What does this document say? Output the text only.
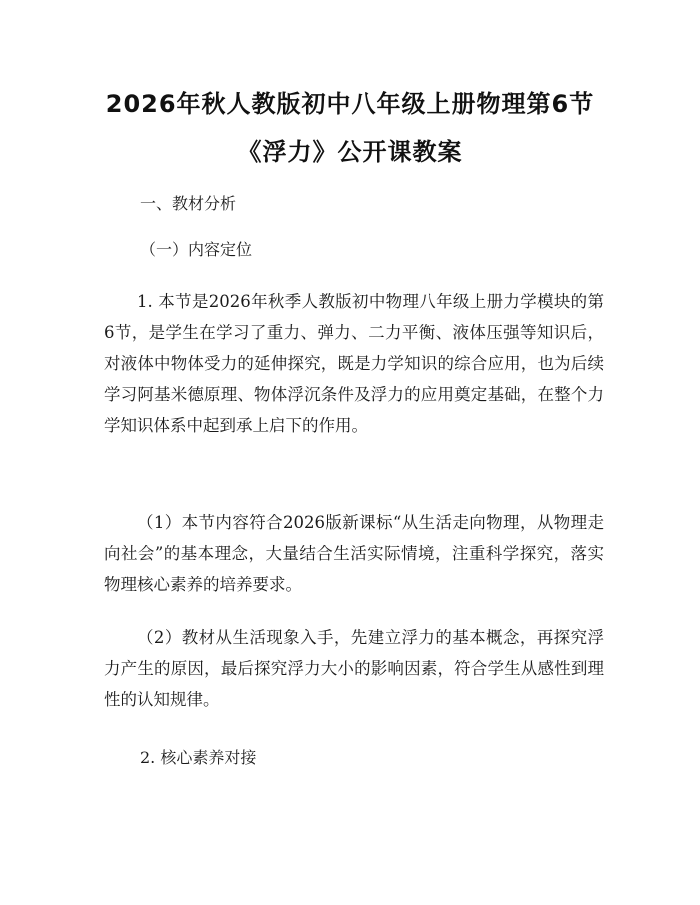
2026年秋人教版初中八年级上册物理第6节
《浮力》公开课教案
一、教材分析
（一）内容定位

1. 本节是2026年秋季人教版初中物理八年级上册力学模块的第6节，是学生在学习了重力、弹力、二力平衡、液体压强等知识后，对液体中物体受力的延伸探究，既是力学知识的综合应用，也为后续学习阿基米德原理、物体浮沉条件及浮力的应用奠定基础，在整个力学知识体系中起到承上启下的作用。

（1）本节内容符合2026版新课标“从生活走向物理，从物理走向社会”的基本理念，大量结合生活实际情境，注重科学探究，落实物理核心素养的培养要求。

（2）教材从生活现象入手，先建立浮力的基本概念，再探究浮力产生的原因，最后探究浮力大小的影响因素，符合学生从感性到理性的认知规律。

2. 核心素养对接
